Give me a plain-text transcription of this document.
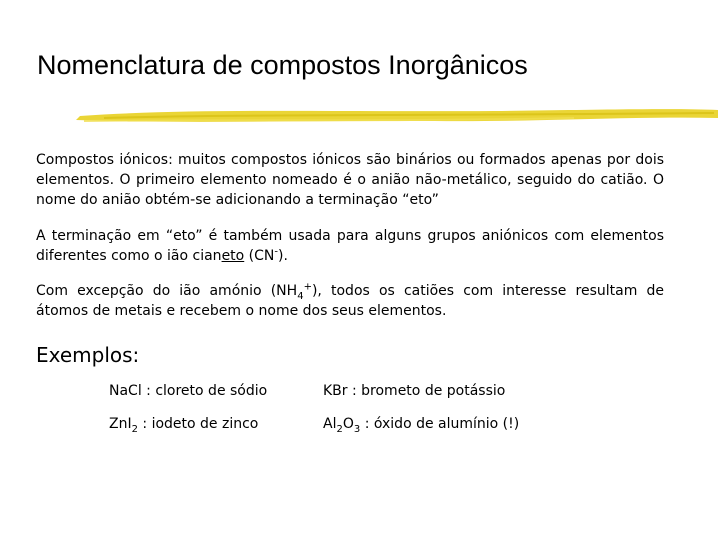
Nomenclatura de compostos Inorgânicos
Compostos iónicos: muitos compostos iónicos são binários ou formados apenas por dois elementos. O primeiro elemento nomeado é o anião não-metálico, seguido do catião. O nome do anião obtém-se adicionando a terminação “eto”
A terminação em “eto” é também usada para alguns grupos aniónicos com elementos diferentes como o ião cianeto (CN-).
Com excepção do ião amónio $(NH_4^+)$, todos os catiões com interesse resultam de átomos de metais e recebem o nome dos seus elementos.
Exemplos:
NaCl : cloreto de sódio	KBr : brometo de potássio
ZnI$_2$ : iodeto de zinco	$Al_2O_3$ : óxido de alumínio (!)
